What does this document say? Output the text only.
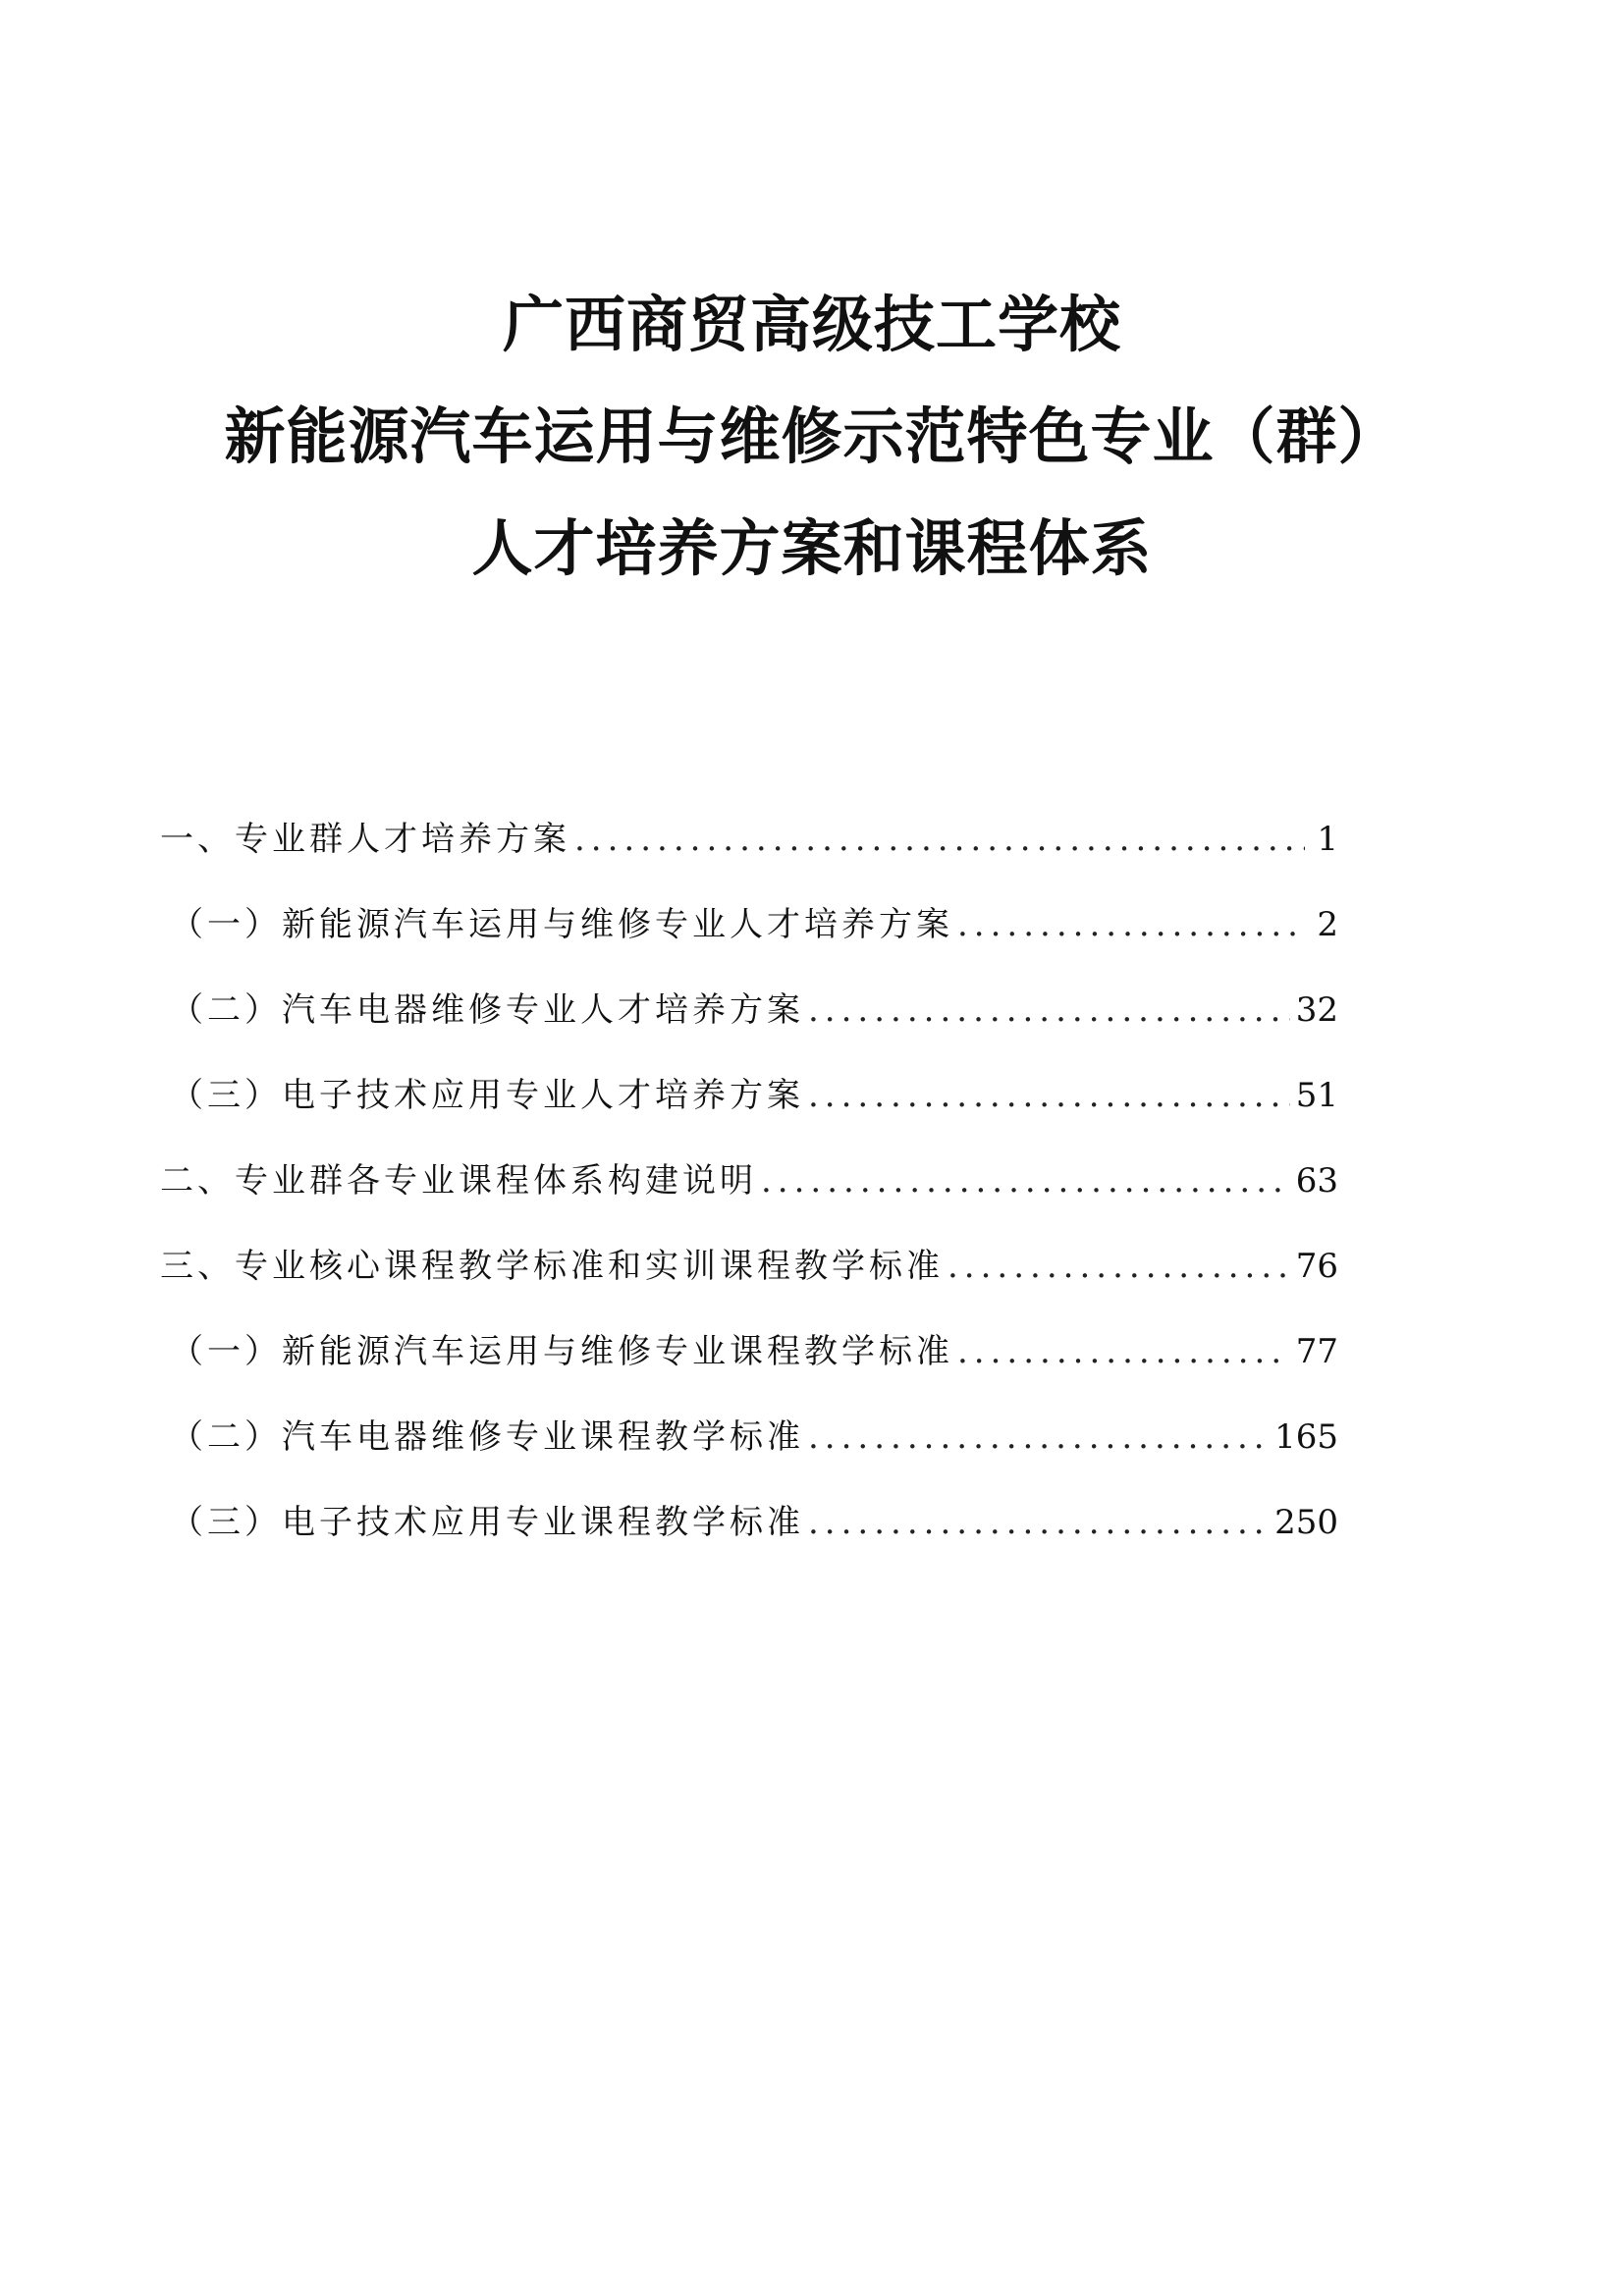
广西商贸高级技工学校
新能源汽车运用与维修示范特色专业（群）
人才培养方案和课程体系
一、专业群人才培养方案 .....	1
（一）新能源汽车运用与维修专业人才培养方案 .....	2
（二）汽车电器维修专业人才培养方案 .....	32
（三）电子技术应用专业人才培养方案 .....	51
二、专业群各专业课程体系构建说明 .....	63
三、专业核心课程教学标准和实训课程教学标准 .....	76
（一）新能源汽车运用与维修专业课程教学标准 .....	77
（二）汽车电器维修专业课程教学标准 .....	165
（三）电子技术应用专业课程教学标准 .....	250
